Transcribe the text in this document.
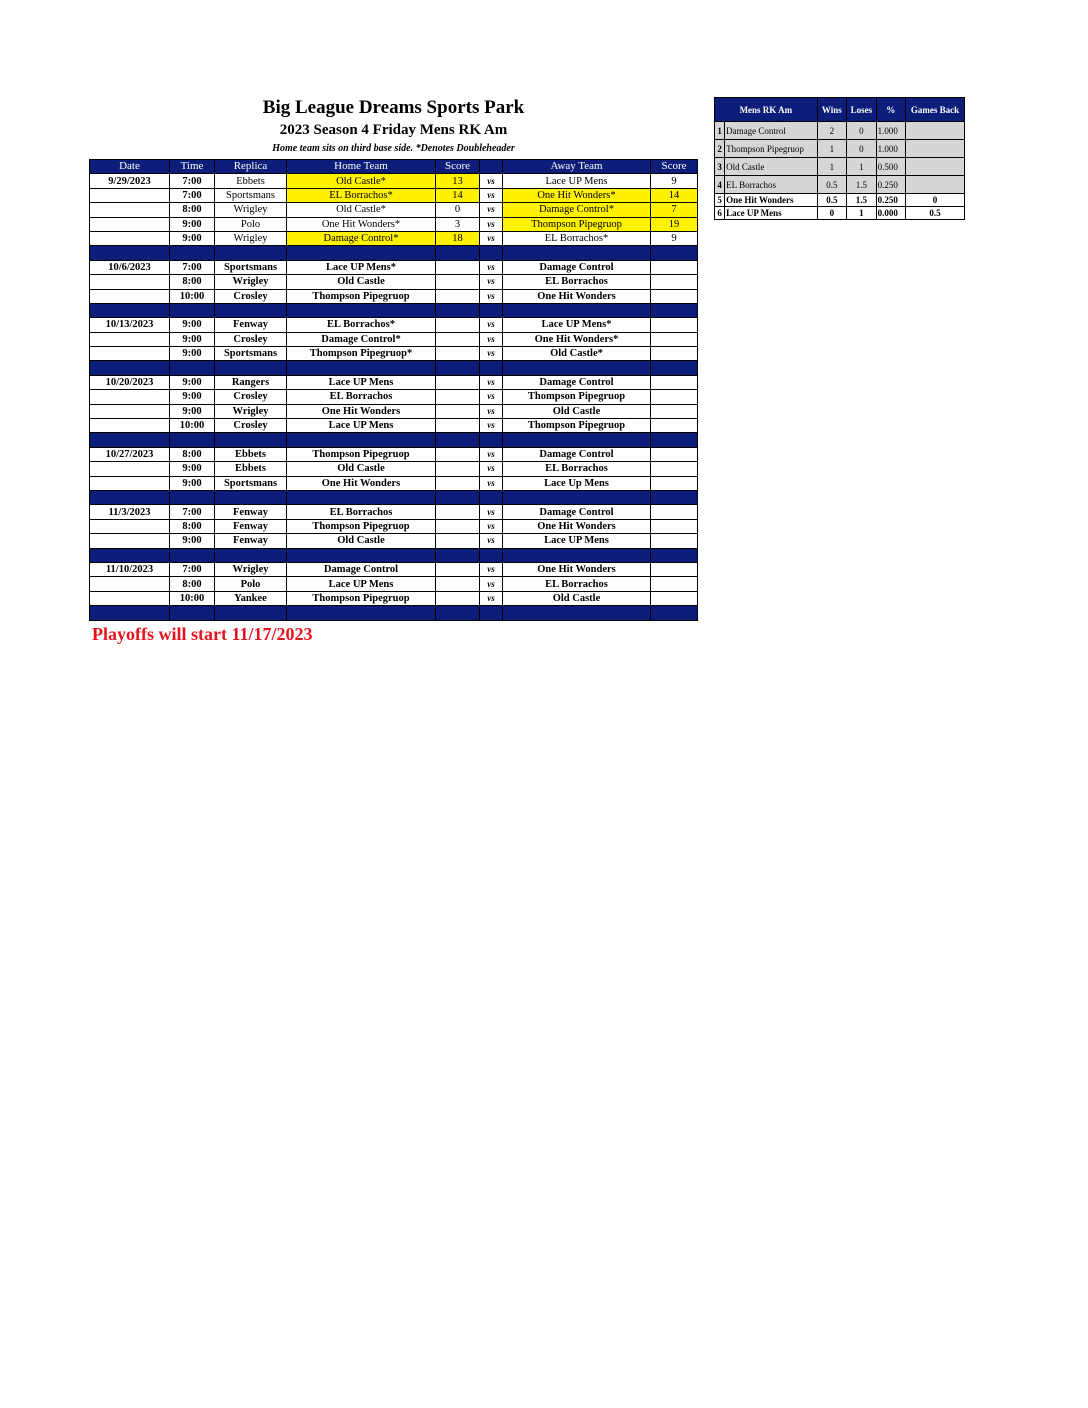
Big League Dreams Sports Park
2023 Season 4 Friday Mens RK Am
Home team sits on third base side. *Denotes Doubleheader
Date	Time	Replica	Home Team	Score		Away Team	Score
9/29/2023	7:00	Ebbets	Old Castle*	13	vs	Lace UP Mens	9
	7:00	Sportsmans	EL Borrachos*	14	vs	One Hit Wonders*	14
	8:00	Wrigley	Old Castle*	0	vs	Damage Control*	7
	9:00	Polo	One Hit Wonders*	3	vs	Thompson Pipegruop	19
	9:00	Wrigley	Damage Control*	18	vs	EL Borrachos*	9

10/6/2023	7:00	Sportsmans	Lace UP Mens*		vs	Damage Control	
	8:00	Wrigley	Old Castle		vs	EL Borrachos	
	10:00	Crosley	Thompson Pipegruop		vs	One Hit Wonders	

10/13/2023	9:00	Fenway	EL Borrachos*		vs	Lace UP Mens*	
	9:00	Crosley	Damage Control*		vs	One Hit Wonders*	
	9:00	Sportsmans	Thompson Pipegruop*		vs	Old Castle*	

10/20/2023	9:00	Rangers	Lace UP Mens		vs	Damage Control	
	9:00	Crosley	EL Borrachos		vs	Thompson Pipegruop	
	9:00	Wrigley	One Hit Wonders		vs	Old Castle	
	10:00	Crosley	Lace UP Mens		vs	Thompson Pipegruop	

10/27/2023	8:00	Ebbets	Thompson Pipegruop		vs	Damage Control	
	9:00	Ebbets	Old Castle		vs	EL Borrachos	
	9:00	Sportsmans	One Hit Wonders		vs	Lace Up Mens	

11/3/2023	7:00	Fenway	EL Borrachos		vs	Damage Control	
	8:00	Fenway	Thompson Pipegruop		vs	One Hit Wonders	
	9:00	Fenway	Old Castle		vs	Lace UP Mens	

11/10/2023	7:00	Wrigley	Damage Control		vs	One Hit Wonders	
	8:00	Polo	Lace UP Mens		vs	EL Borrachos	
	10:00	Yankee	Thompson Pipegruop		vs	Old Castle	

Mens RK Am		Wins	Loses	%	Games Back
1	Damage Control	2	0	1.000	
2	Thompson Pipegruop	1	0	1.000	
3	Old Castle	1	1	0.500	
4	EL Borrachos	0.5	1.5	0.250	
5	One Hit Wonders	0.5	1.5	0.250	0
6	Lace UP Mens	0	1	0.000	0.5
Playoffs will start 11/17/2023
